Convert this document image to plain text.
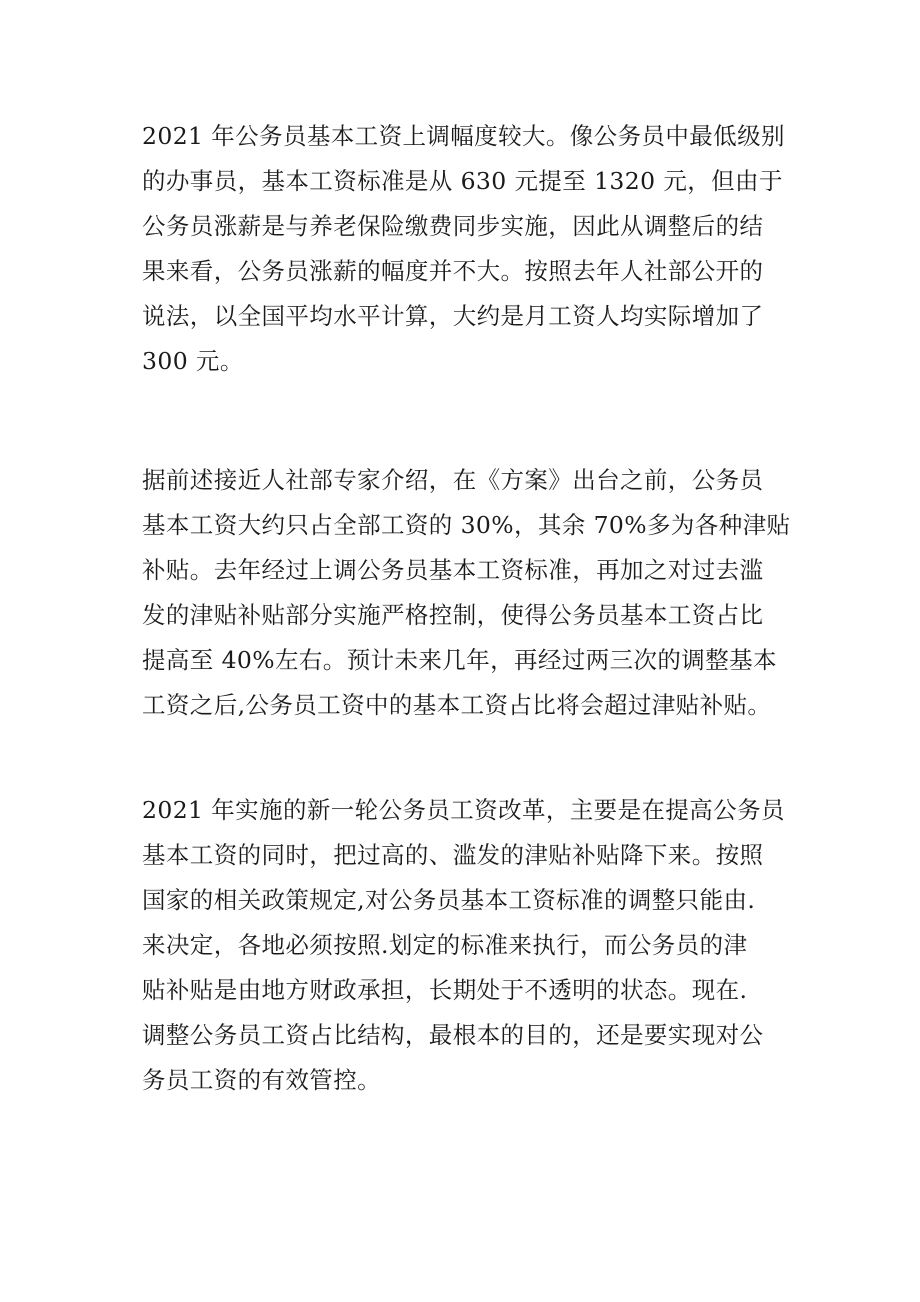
2021 年公务员基本工资上调幅度较大。像公务员中最低级别
的办事员，基本工资标准是从 630 元提至 1320 元，但由于
公务员涨薪是与养老保险缴费同步实施，因此从调整后的结
果来看，公务员涨薪的幅度并不大。按照去年人社部公开的
说法，以全国平均水平计算，大约是月工资人均实际增加了
300 元。

据前述接近人社部专家介绍，在《方案》出台之前，公务员
基本工资大约只占全部工资的 30%，其余 70%多为各种津贴
补贴。去年经过上调公务员基本工资标准，再加之对过去滥
发的津贴补贴部分实施严格控制，使得公务员基本工资占比
提高至 40%左右。预计未来几年，再经过两三次的调整基本
工资之后,公务员工资中的基本工资占比将会超过津贴补贴。

2021 年实施的新一轮公务员工资改革，主要是在提高公务员
基本工资的同时，把过高的、滥发的津贴补贴降下来。按照
国家的相关政策规定,对公务员基本工资标准的调整只能由.
来决定，各地必须按照.划定的标准来执行，而公务员的津
贴补贴是由地方财政承担，长期处于不透明的状态。现在.
调整公务员工资占比结构，最根本的目的，还是要实现对公
务员工资的有效管控。
